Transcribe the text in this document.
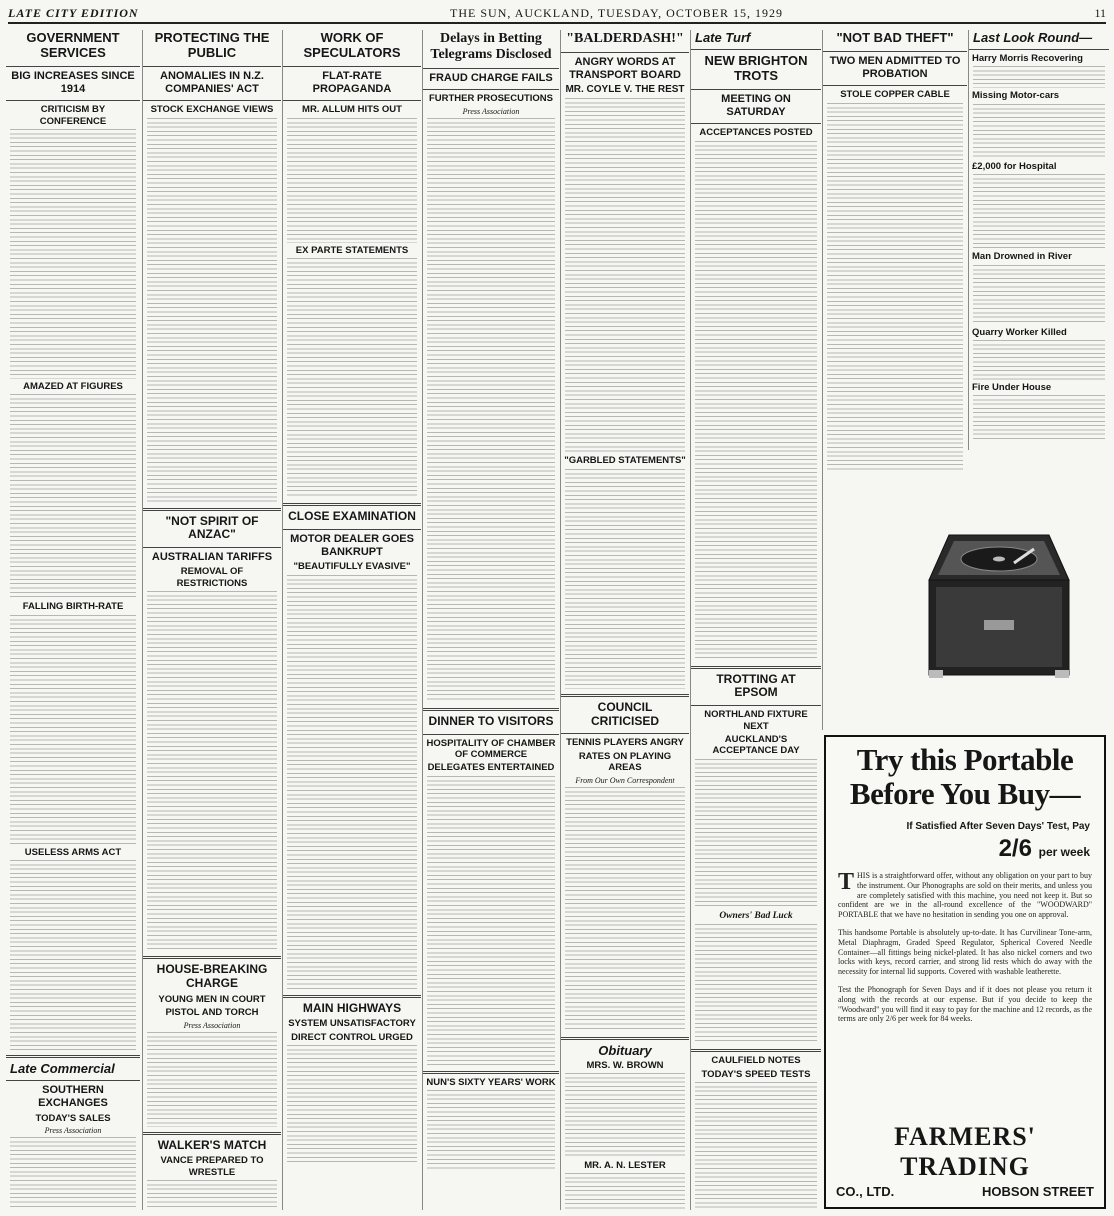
LATE CITY EDITION	THE SUN, AUCKLAND, TUESDAY, OCTOBER 15, 1929	11
GOVERNMENT SERVICES
BIG INCREASES SINCE 1914
CRITICISM BY CONFERENCE
AMAZED AT FIGURES
FALLING BIRTH-RATE
USELESS ARMS ACT
Late Commercial
SOUTHERN EXCHANGES
TODAY'S SALES
Press Association
PROTECTING THE PUBLIC
ANOMALIES IN N.Z. COMPANIES' ACT
STOCK EXCHANGE VIEWS
"NOT SPIRIT OF ANZAC"
AUSTRALIAN TARIFFS
REMOVAL OF RESTRICTIONS
HOUSE-BREAKING CHARGE
YOUNG MEN IN COURT
PISTOL AND TORCH
Press Association
WALKER'S MATCH
VANCE PREPARED TO WRESTLE
WORK OF SPECULATORS
FLAT-RATE PROPAGANDA
MR. ALLUM HITS OUT
EX PARTE STATEMENTS
CLOSE EXAMINATION
MOTOR DEALER GOES BANKRUPT
"BEAUTIFULLY EVASIVE"
MAIN HIGHWAYS
SYSTEM UNSATISFACTORY
DIRECT CONTROL URGED
Delays in Betting Telegrams Disclosed
FRAUD CHARGE FAILS
FURTHER PROSECUTIONS
Press Association
DINNER TO VISITORS
HOSPITALITY OF CHAMBER OF COMMERCE
DELEGATES ENTERTAINED
NUN'S SIXTY YEARS' WORK
"BALDERDASH!"
ANGRY WORDS AT TRANSPORT BOARD
MR. COYLE V. THE REST
"GARBLED STATEMENTS"
COUNCIL CRITICISED
TENNIS PLAYERS ANGRY
RATES ON PLAYING AREAS
From Our Own Correspondent
Obituary
MRS. W. BROWN
MR. A. N. LESTER
Late Turf
NEW BRIGHTON TROTS
MEETING ON SATURDAY
ACCEPTANCES POSTED
TROTTING AT EPSOM
NORTHLAND FIXTURE NEXT
AUCKLAND'S ACCEPTANCE DAY
Owners' Bad Luck
CAULFIELD NOTES
TODAY'S SPEED TESTS
"NOT BAD THEFT"
TWO MEN ADMITTED TO PROBATION
STOLE COPPER CABLE
Last Look Round—
Harry Morris Recovering
Missing Motor-cars
£2,000 for Hospital
Man Drowned in River
Quarry Worker Killed
Fire Under House
Try this Portable Before You Buy—
If Satisfied After Seven Days' Test, Pay
2/6 per week
T HIS is a straightforward offer, without any obligation on your part to buy the instrument. Our Phonographs are sold on their merits, and unless you are completely satisfied with this machine, you need not keep it. But so confident are we in the all-round excellence of the "WOODWARD" PORTABLE that we have no hesitation in sending you one on approval.
This handsome Portable is absolutely up-to-date. It has Curvilinear Tone-arm, Metal Diaphragm, Graded Speed Regulator, Spherical Covered Needle Container—all fittings being nickel-plated. It has also nickel corners and two locks with keys, record carrier, and strong lid rests which do away with the necessity for internal lid supports. Covered with washable leatherette.
Test the Phonograph for Seven Days and if it does not please you return it along with the records at our expense. But if you decide to keep the "Woodward" you will find it easy to pay for the machine and 12 records, as the terms are only 2/6 per week for 84 weeks.
FARMERS' TRADING
CO., LTD.	HOBSON STREET
